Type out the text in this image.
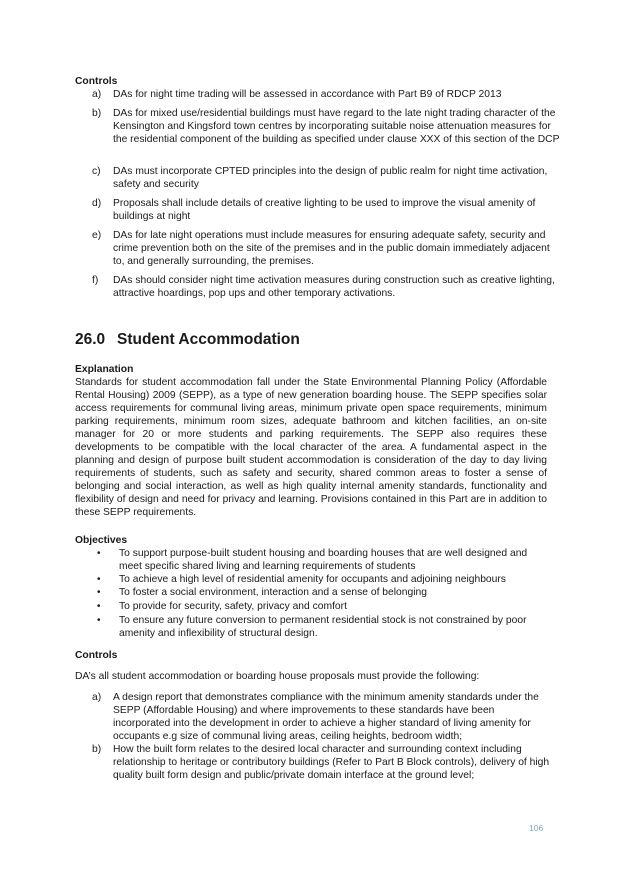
Controls
a)	DAs for night time trading will be assessed in accordance with Part B9 of RDCP 2013
b)	DAs for mixed use/residential buildings must have regard to the late night trading character of the Kensington and Kingsford town centres by incorporating suitable noise attenuation measures for the residential component of the building as specified under clause XXX of this section of the DCP
c)	DAs must incorporate CPTED principles into the design of public realm for night time activation, safety and security
d)	Proposals shall include details of creative lighting to be used to improve the visual amenity of buildings at night
e)	DAs for late night operations must include measures for ensuring adequate safety, security and crime prevention both on the site of the premises and in the public domain immediately adjacent to, and generally surrounding, the premises.
f)	DAs should consider night time activation measures during construction such as creative lighting, attractive hoardings, pop ups and other temporary activations.
26.0 Student Accommodation
Explanation
Standards for student accommodation fall under the State Environmental Planning Policy (Affordable Rental Housing) 2009 (SEPP), as a type of new generation boarding house. The SEPP specifies solar access requirements for communal living areas, minimum private open space requirements, minimum parking requirements, minimum room sizes, adequate bathroom and kitchen facilities, an on-site manager for 20 or more students and parking requirements. The SEPP also requires these developments to be compatible with the local character of the area. A fundamental aspect in the planning and design of purpose built student accommodation is consideration of the day to day living requirements of students, such as safety and security, shared common areas to foster a sense of belonging and social interaction, as well as high quality internal amenity standards, functionality and flexibility of design and need for privacy and learning. Provisions contained in this Part are in addition to these SEPP requirements.
Objectives
• To support purpose-built student housing and boarding houses that are well designed and meet specific shared living and learning requirements of students
• To achieve a high level of residential amenity for occupants and adjoining neighbours
• To foster a social environment, interaction and a sense of belonging
• To provide for security, safety, privacy and comfort
• To ensure any future conversion to permanent residential stock is not constrained by poor amenity and inflexibility of structural design.
Controls
DA’s all student accommodation or boarding house proposals must provide the following:
a) A design report that demonstrates compliance with the minimum amenity standards under the SEPP (Affordable Housing) and where improvements to these standards have been incorporated into the development in order to achieve a higher standard of living amenity for occupants e.g size of communal living areas, ceiling heights, bedroom width;
b) How the built form relates to the desired local character and surrounding context including relationship to heritage or contributory buildings (Refer to Part B Block controls), delivery of high quality built form design and public/private domain interface at the ground level;
106
